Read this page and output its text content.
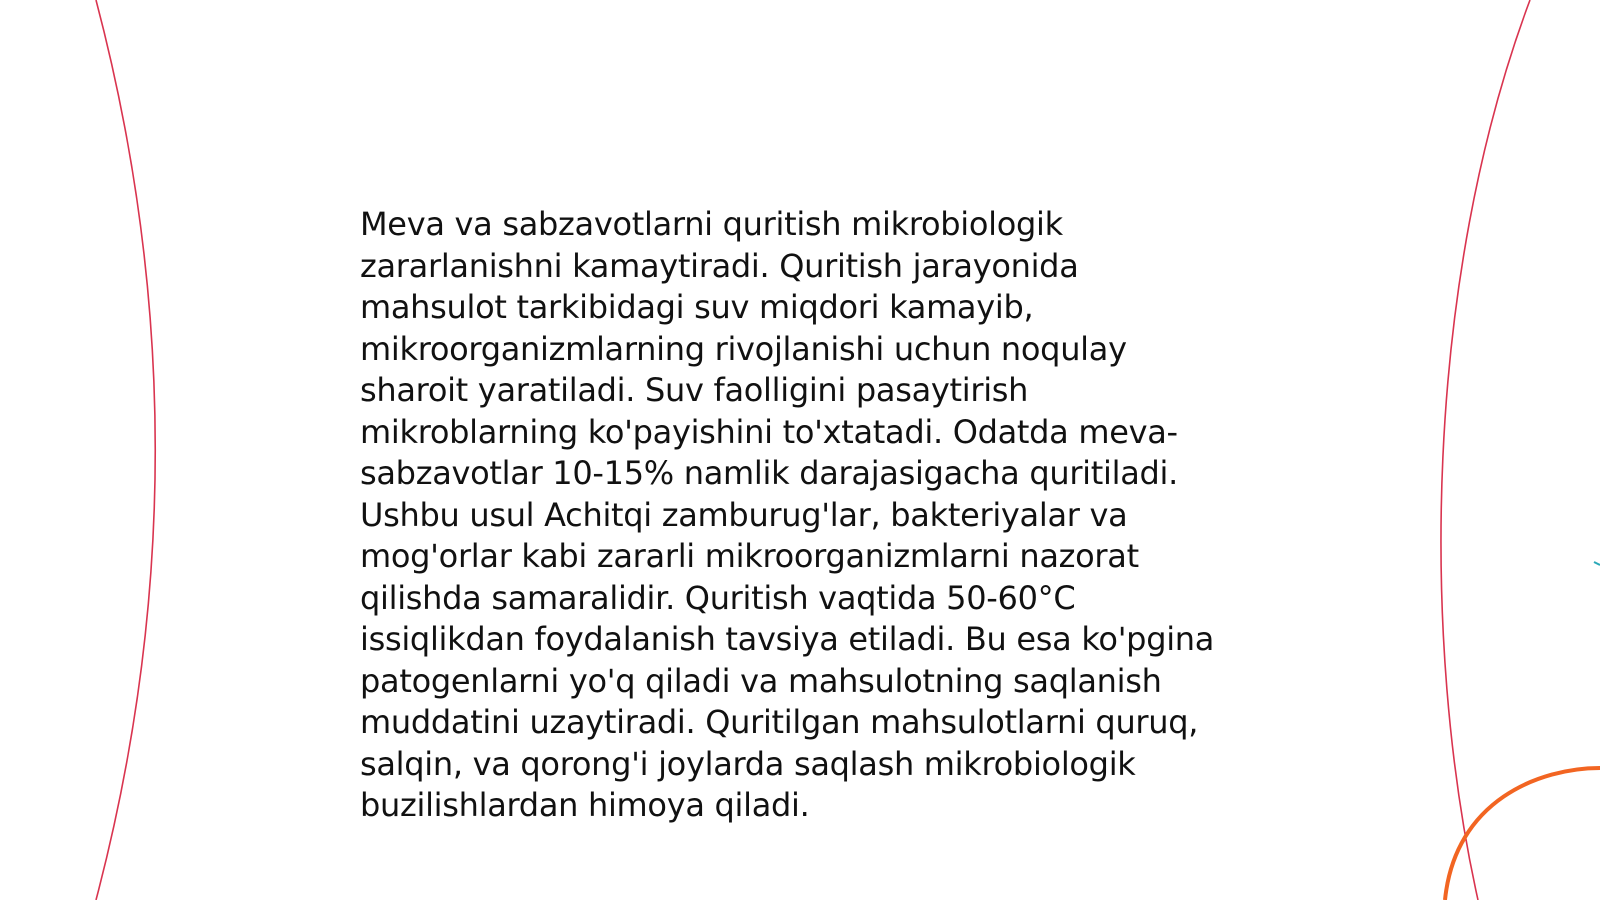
Meva va sabzavotlarni quritish mikrobiologik
zararlanishni kamaytiradi. Quritish jarayonida
mahsulot tarkibidagi suv miqdori kamayib,
mikroorganizmlarning rivojlanishi uchun noqulay
sharoit yaratiladi. Suv faolligini pasaytirish
mikroblarning ko'payishini to'xtatadi. Odatda meva-
sabzavotlar 10-15% namlik darajasigacha quritiladi.
Ushbu usul Achitqi zamburug'lar, bakteriyalar va
mog'orlar kabi zararli mikroorganizmlarni nazorat
qilishda samaralidir. Quritish vaqtida 50-60°C
issiqlikdan foydalanish tavsiya etiladi. Bu esa ko'pgina
patogenlarni yo'q qiladi va mahsulotning saqlanish
muddatini uzaytiradi. Quritilgan mahsulotlarni quruq,
salqin, va qorong'i joylarda saqlash mikrobiologik
buzilishlardan himoya qiladi.
